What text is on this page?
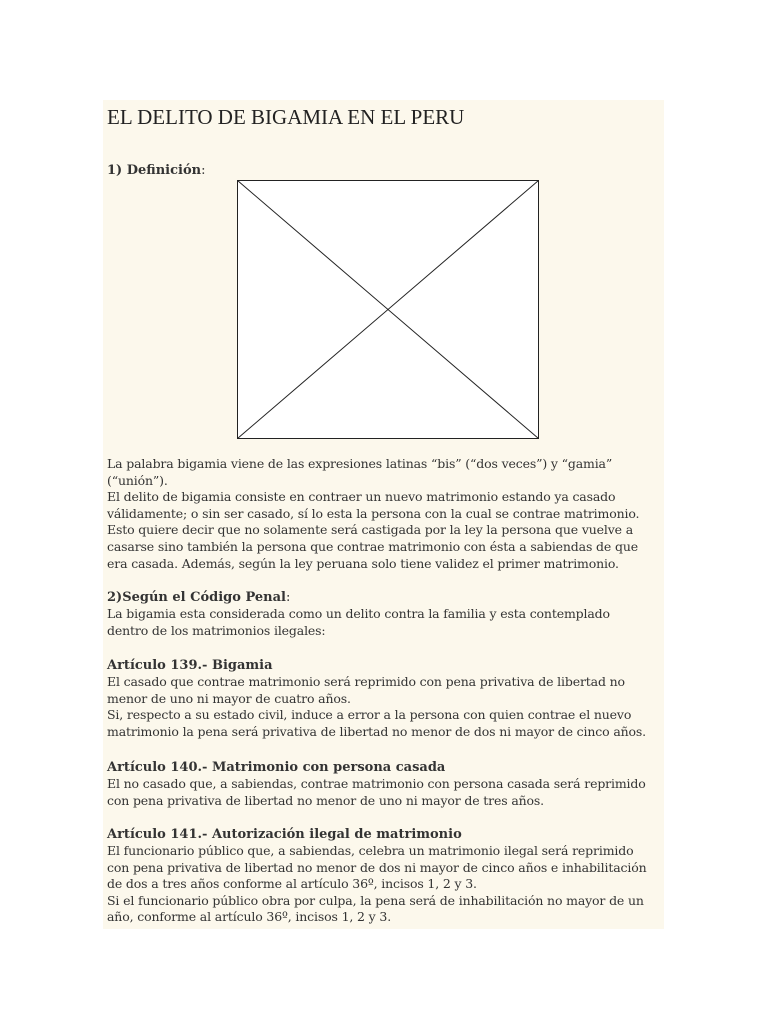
EL DELITO DE BIGAMIA EN EL PERU
1) Definición:
La palabra bigamia viene de las expresiones latinas “bis” (“dos veces”) y “gamia”
(“unión”).
El delito de bigamia consiste en contraer un nuevo matrimonio estando ya casado
válidamente; o sin ser casado, sí lo esta la persona con la cual se contrae matrimonio.
Esto quiere decir que no solamente será castigada por la ley la persona que vuelve a
casarse sino también la persona que contrae matrimonio con ésta a sabiendas de que
era casada. Además, según la ley peruana solo tiene validez el primer matrimonio.
2)Según el Código Penal:
La bigamia esta considerada como un delito contra la familia y esta contemplado
dentro de los matrimonios ilegales:
Artículo 139.- Bigamia
El casado que contrae matrimonio será reprimido con pena privativa de libertad no
menor de uno ni mayor de cuatro años.
Si, respecto a su estado civil, induce a error a la persona con quien contrae el nuevo
matrimonio la pena será privativa de libertad no menor de dos ni mayor de cinco años.
Artículo 140.- Matrimonio con persona casada
El no casado que, a sabiendas, contrae matrimonio con persona casada será reprimido
con pena privativa de libertad no menor de uno ni mayor de tres años.
Artículo 141.- Autorización ilegal de matrimonio
El funcionario público que, a sabiendas, celebra un matrimonio ilegal será reprimido
con pena privativa de libertad no menor de dos ni mayor de cinco años e inhabilitación
de dos a tres años conforme al artículo 36º, incisos 1, 2 y 3.
Si el funcionario público obra por culpa, la pena será de inhabilitación no mayor de un
año, conforme al artículo 36º, incisos 1, 2 y 3.
